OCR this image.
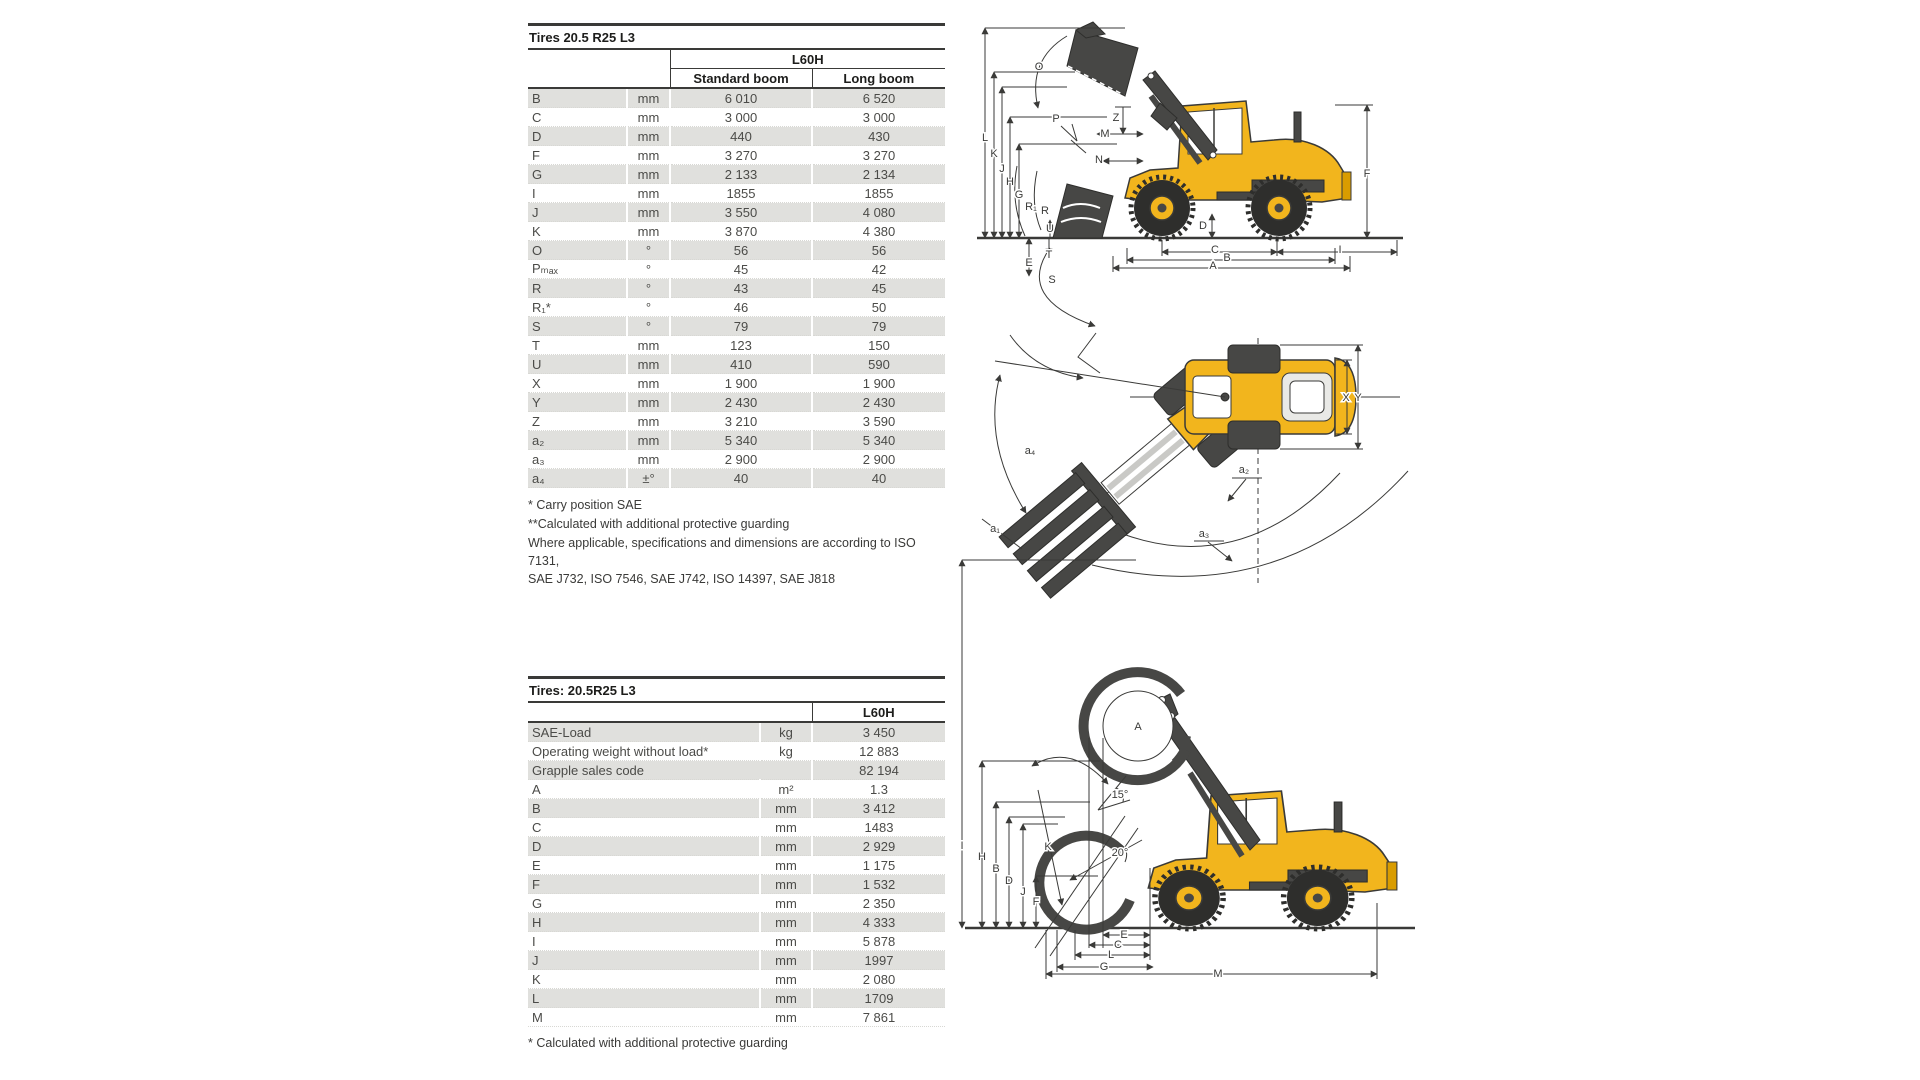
Tires 20.5 R25 L3
		L60H	
		Standard boom	Long boom
B	mm	6 010	6 520
C	mm	3 000	3 000
D	mm	440	430
F	mm	3 270	3 270
G	mm	2 133	2 134
I	mm	1855	1855
J	mm	3 550	4 080
K	mm	3 870	4 380
O	°	56	56
Pₘₐₓ	°	45	42
R	°	43	45
R₁*	°	46	50
S	°	79	79
T	mm	123	150
U	mm	410	590
X	mm	1 900	1 900
Y	mm	2 430	2 430
Z	mm	3 210	3 590
a₂	mm	5 340	5 340
a₃	mm	2 900	2 900
a₄	±°	40	40
* Carry position SAE
**Calculated with additional protective guarding
Where applicable, specifications and dimensions are according to ISO 7131,
SAE J732, ISO 7546, SAE J742, ISO 14397, SAE J818
Tires: 20.5R25 L3
		L60H
SAE-Load	kg	3 450
Operating weight without load*	kg	12 883
Grapple sales code		82 194
A	m²	1.3
B	mm	3 412
C	mm	1483
D	mm	2 929
E	mm	1 175
F	mm	1 532
G	mm	2 350
H	mm	4 333
I	mm	5 878
J	mm	1997
K	mm	2 080
L	mm	1709
M	mm	7 861
* Calculated with additional protective guarding
O
P	Z
M
N
L
K
J
H
G
R₁ R
U
T
E
S
D
F
C	I
B
A
a₄
a₁
a₂
a₃
X Y
A
I
H
B
D
J
F
K
15°
20°
E
C
L
G
M
